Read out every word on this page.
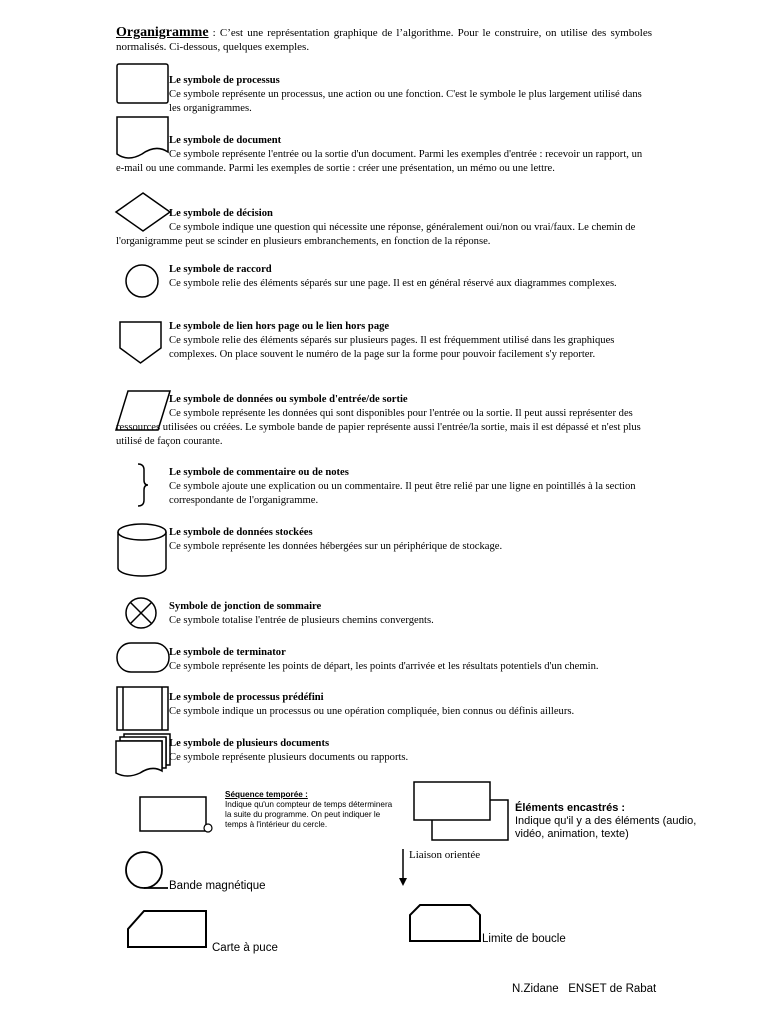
Organigramme : C’est une représentation graphique de l’algorithme. Pour le construire, on utilise des symboles normalisés. Ci-dessous, quelques exemples.
Le symbole de processus
Ce symbole représente un processus, une action ou une fonction. C'est le symbole le plus largement utilisé dans les organigrammes.
Le symbole de document
Ce symbole représente l'entrée ou la sortie d'un document. Parmi les exemples d'entrée : recevoir un rapport, un e-mail ou une commande. Parmi les exemples de sortie : créer une présentation, un mémo ou une lettre.
Le symbole de décision
Ce symbole indique une question qui nécessite une réponse, généralement oui/non ou vrai/faux. Le chemin de l'organigramme peut se scinder en plusieurs embranchements, en fonction de la réponse.
Le symbole de raccord
Ce symbole relie des éléments séparés sur une page. Il est en général réservé aux diagrammes complexes.
Le symbole de lien hors page ou le lien hors page
Ce symbole relie des éléments séparés sur plusieurs pages. Il est fréquemment utilisé dans les graphiques complexes. On place souvent le numéro de la page sur la forme pour pouvoir facilement s'y reporter.
Le symbole de données ou symbole d'entrée/de sortie
Ce symbole représente les données qui sont disponibles pour l'entrée ou la sortie. Il peut aussi représenter des ressources utilisées ou créées. Le symbole bande de papier représente aussi l'entrée/la sortie, mais il est dépassé et n'est plus utilisé de façon courante.
Le symbole de commentaire ou de notes
Ce symbole ajoute une explication ou un commentaire. Il peut être relié par une ligne en pointillés à la section correspondante de l'organigramme.
Le symbole de données stockées
Ce symbole représente les données hébergées sur un périphérique de stockage.
Symbole de jonction de sommaire
Ce symbole totalise l'entrée de plusieurs chemins convergents.
Le symbole de terminator
Ce symbole représente les points de départ, les points d'arrivée et les résultats potentiels d'un chemin.
Le symbole de processus prédéfini
Ce symbole indique un processus ou une opération compliquée, bien connus ou définis ailleurs.
Le symbole de plusieurs documents
Ce symbole représente plusieurs documents ou rapports.
Séquence temporée :
Indique qu'un compteur de temps déterminera la suite du programme. On peut indiquer le temps à l'intérieur du cercle.
Éléments encastrés :
Indique qu'il y a des éléments (audio, vidéo, animation, texte)
Liaison orientée
Bande magnétique
Carte à puce
Limite de boucle
N.Zidane   ENSET de Rabat
